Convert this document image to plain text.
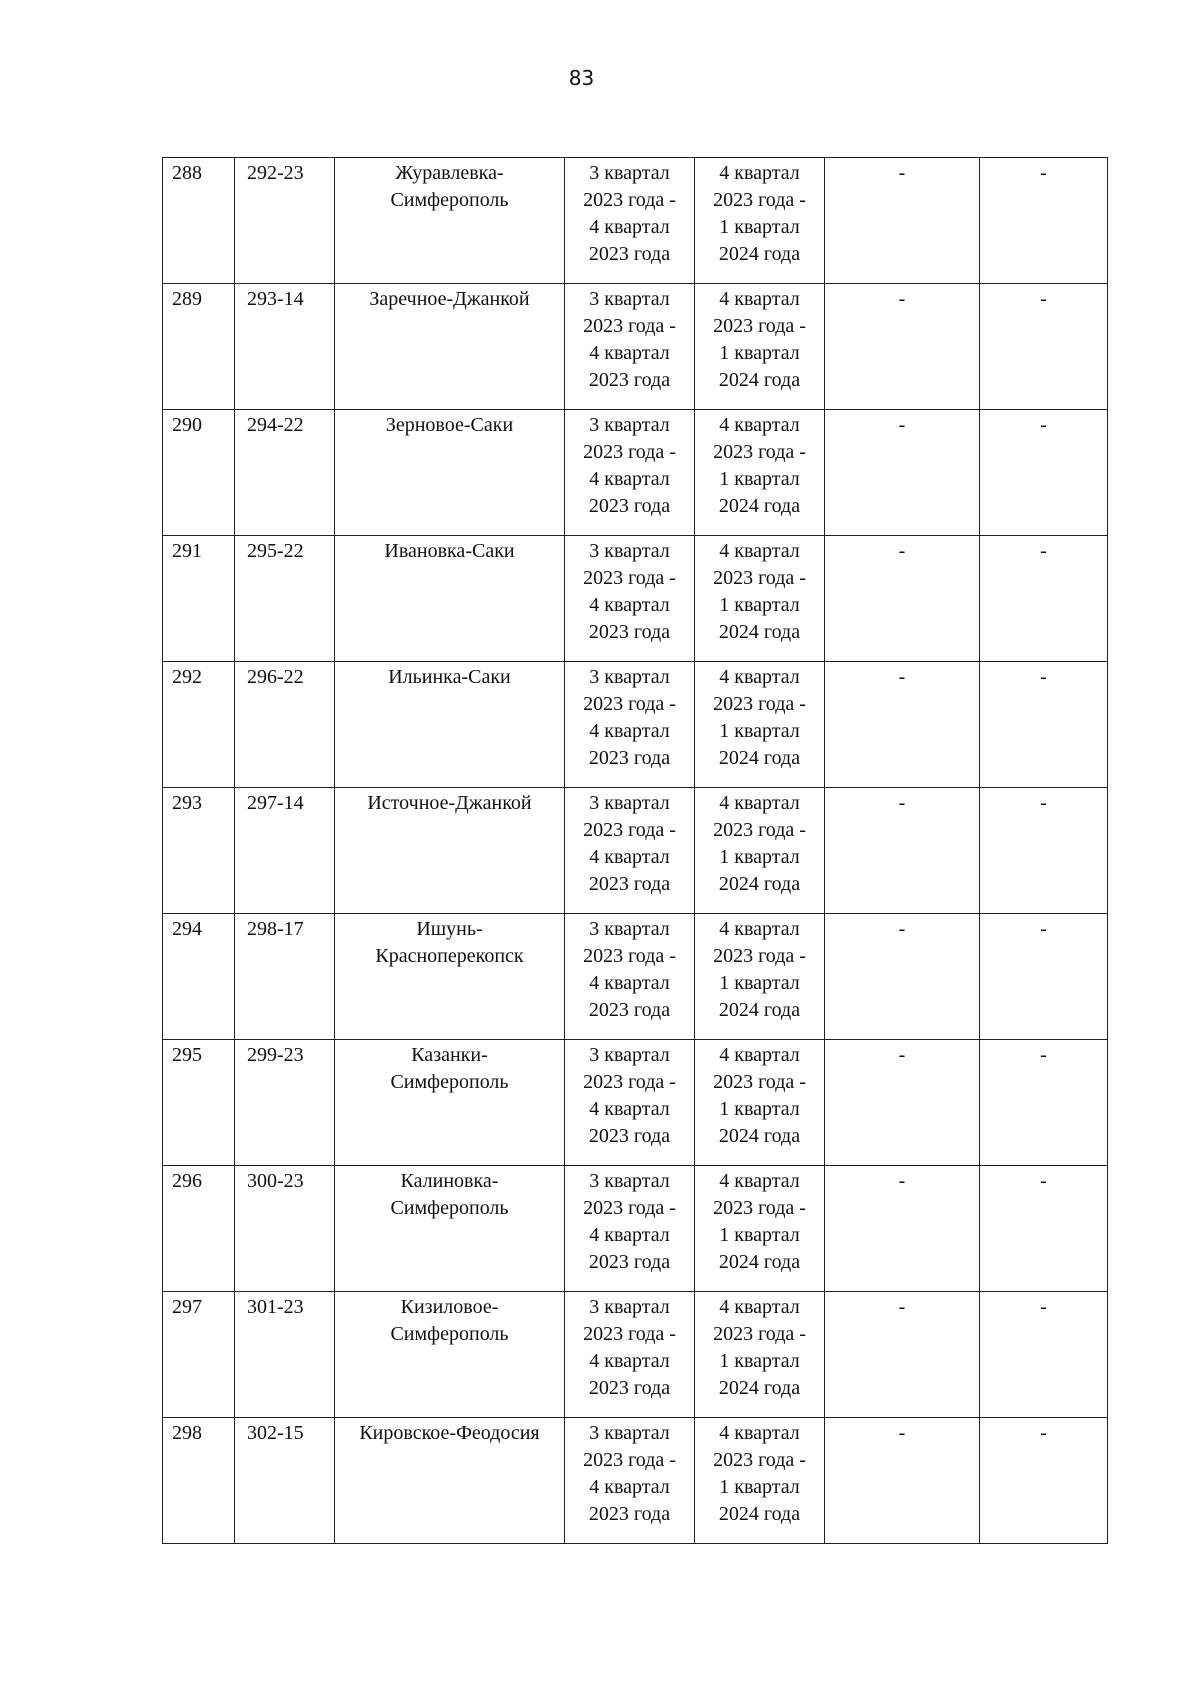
83
288	292-23	Журавлевка-
Симферополь	3 квартал
2023 года -
4 квартал
2023 года	4 квартал
2023 года -
1 квартал
2024 года	-	-

289	293-14	Заречное-Джанкой	3 квартал
2023 года -
4 квартал
2023 года	4 квартал
2023 года -
1 квартал
2024 года	-	-

290	294-22	Зерновое-Саки	3 квартал
2023 года -
4 квартал
2023 года	4 квартал
2023 года -
1 квартал
2024 года	-	-

291	295-22	Ивановка-Саки	3 квартал
2023 года -
4 квартал
2023 года	4 квартал
2023 года -
1 квартал
2024 года	-	-

292	296-22	Ильинка-Саки	3 квартал
2023 года -
4 квартал
2023 года	4 квартал
2023 года -
1 квартал
2024 года	-	-

293	297-14	Источное-Джанкой	3 квартал
2023 года -
4 квартал
2023 года	4 квартал
2023 года -
1 квартал
2024 года	-	-

294	298-17	Ишунь-
Красноперекопск	3 квартал
2023 года -
4 квартал
2023 года	4 квартал
2023 года -
1 квартал
2024 года	-	-

295	299-23	Казанки-
Симферополь	3 квартал
2023 года -
4 квартал
2023 года	4 квартал
2023 года -
1 квартал
2024 года	-	-

296	300-23	Калиновка-
Симферополь	3 квартал
2023 года -
4 квартал
2023 года	4 квартал
2023 года -
1 квартал
2024 года	-	-

297	301-23	Кизиловое-
Симферополь	3 квартал
2023 года -
4 квартал
2023 года	4 квартал
2023 года -
1 квартал
2024 года	-	-

298	302-15	Кировское-Феодосия	3 квартал
2023 года -
4 квартал
2023 года	4 квартал
2023 года -
1 квартал
2024 года	-	-
